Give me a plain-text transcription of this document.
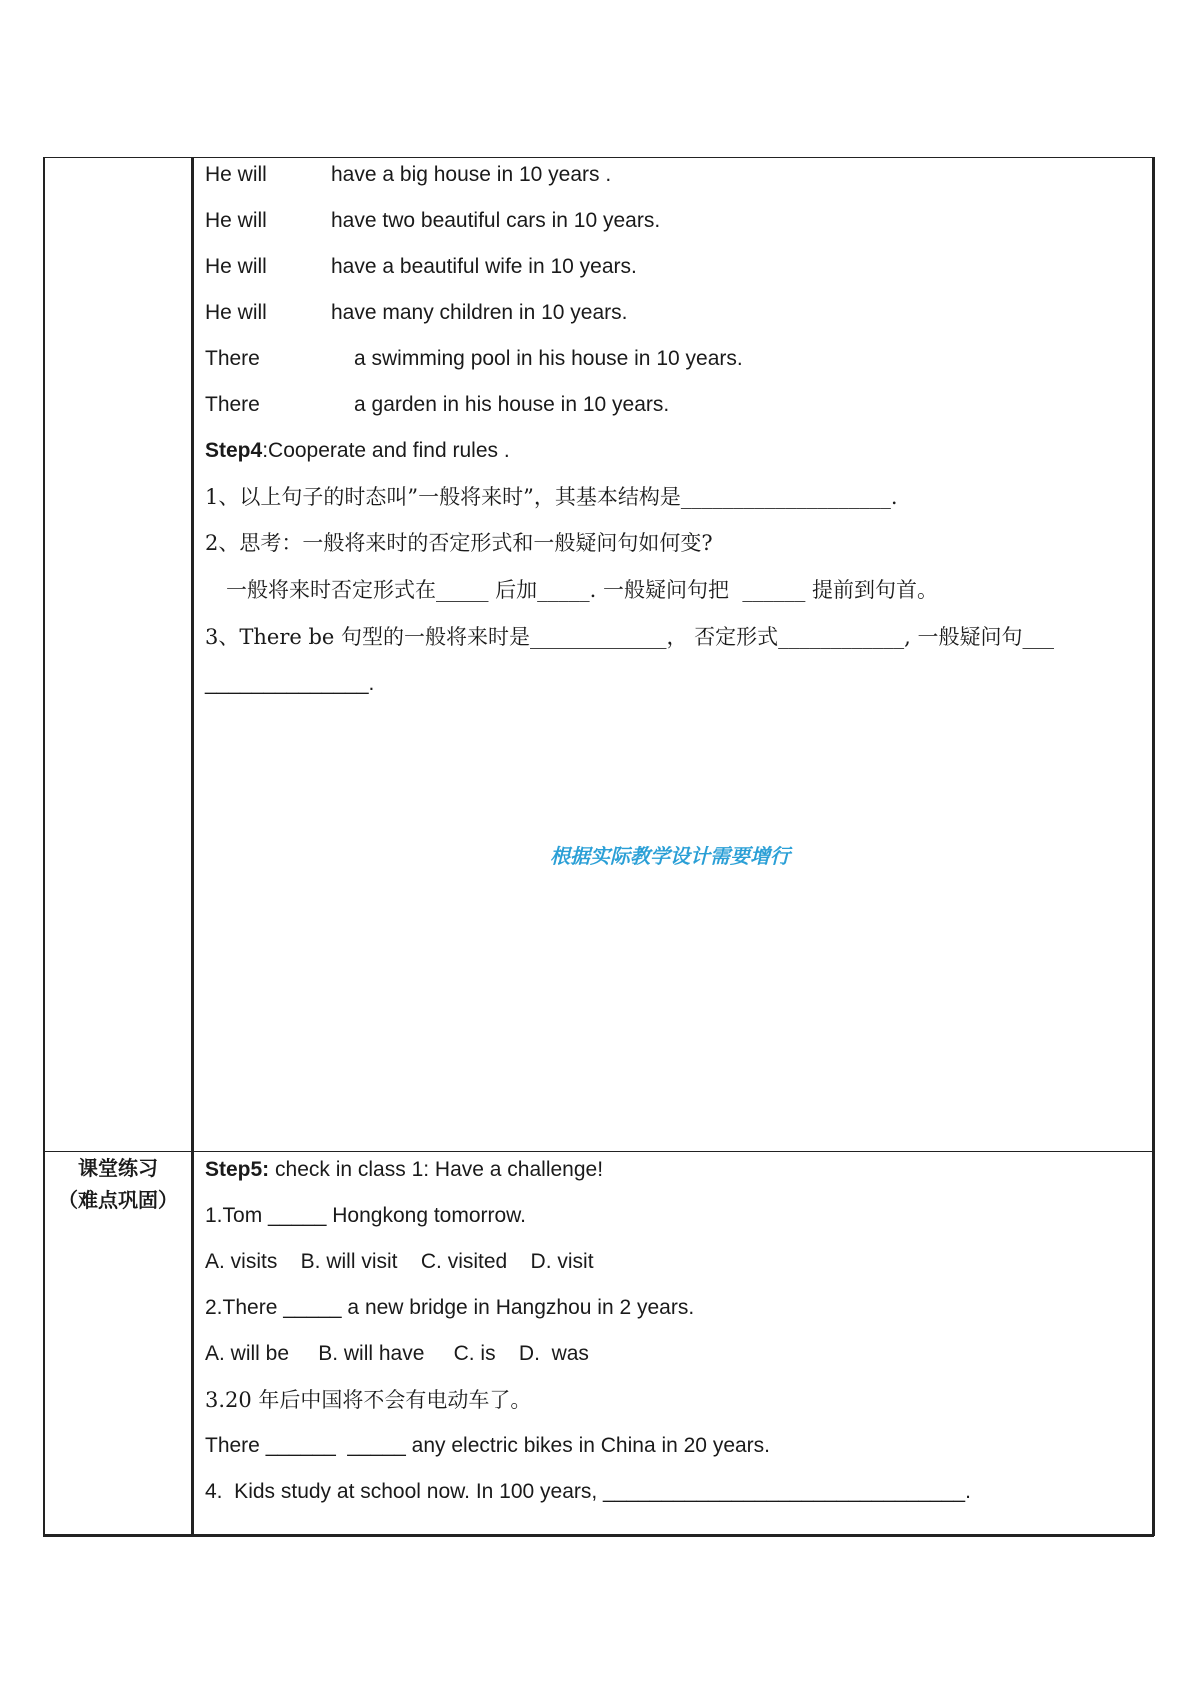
He will	have a big house in 10 years .
He will	have two beautiful cars in 10 years.
He will	have a beautiful wife in 10 years.
He will	have many children in 10 years.
There	a swimming pool in his house in 10 years.
There	a garden in his house in 10 years.
Step4:Cooperate and find rules .
1、以上句子的时态叫”一般将来时”，其基本结构是____________________.
2、思考：一般将来时的否定形式和一般疑问句如何变?
一般将来时否定形式在_____ 后加_____. 一般疑问句把  ______ 提前到句首。
3、There be 句型的一般将来时是_____________， 否定形式____________, 一般疑问句___
______________.
根据实际教学设计需要增行
课堂练习
（难点巩固）
Step5: check in class 1: Have a challenge!
1.Tom _____ Hongkong tomorrow.
A. visits    B. will visit    C. visited    D. visit
2.There _____ a new bridge in Hangzhou in 2 years.
A. will be     B. will have     C. is    D.  was
3.20 年后中国将不会有电动车了。
There ______  _____ any electric bikes in China in 20 years.
4.  Kids study at school now. In 100 years, _______________________________.
